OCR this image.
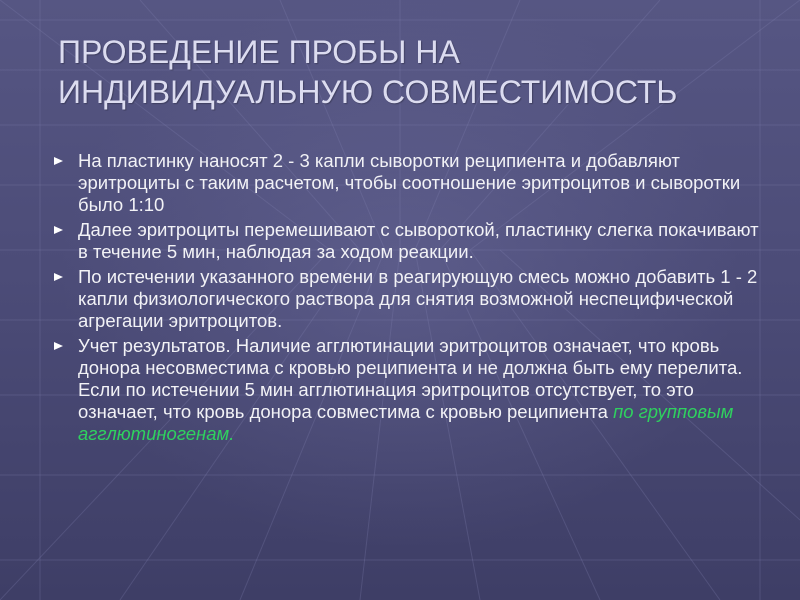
ПРОВЕДЕНИЕ ПРОБЫ НА
ИНДИВИДУАЛЬНУЮ СОВМЕСТИМОСТЬ
На пластинку наносят 2 - 3 капли сыворотки реципиента и добавляют эритроциты с таким расчетом, чтобы соотношение эритроцитов и сыворотки было 1:10
Далее эритроциты перемешивают с сывороткой, пластинку слегка покачивают в течение 5 мин, наблюдая за ходом реакции.
По истечении указанного времени в реагирующую смесь можно добавить 1 - 2 капли физиологического раствора для снятия возможной неспецифической агрегации эритроцитов.
Учет результатов. Наличие агглютинации эритроцитов означает, что кровь донора несовместима с кровью реципиента и не должна быть ему перелита. Если по истечении 5 мин агглютинация эритроцитов отсутствует, то это означает, что кровь донора совместима с кровью реципиента по групповым агглютиногенам.
